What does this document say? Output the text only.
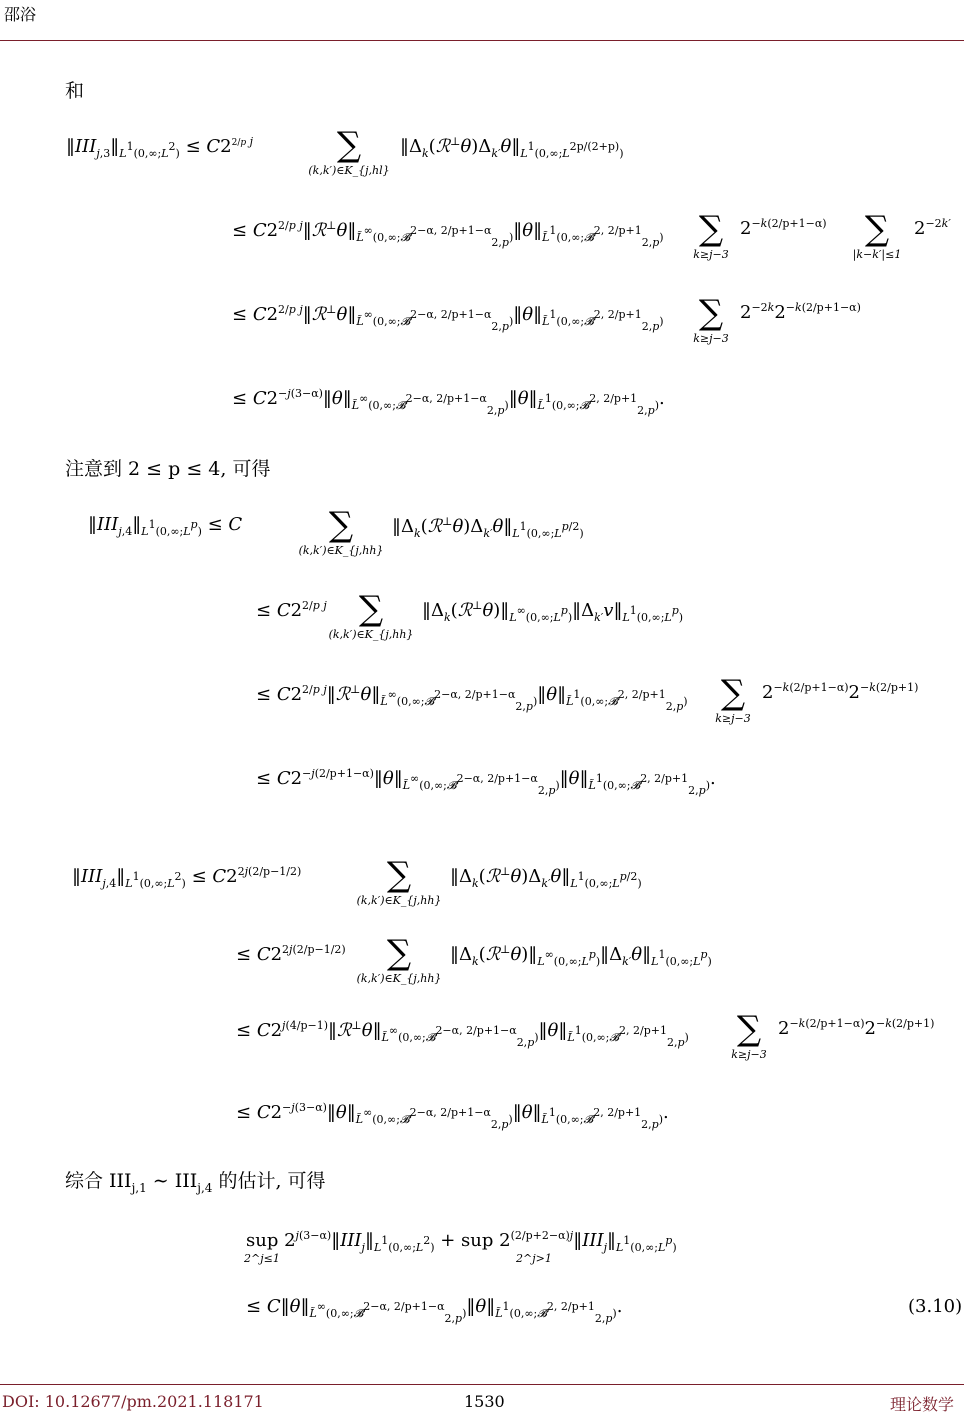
邵浴
和
$‖III_{j,3}‖_{L^1(0,\infty;L^2)} \le C2^{2/p j}$	∑
(k,k′)∈K_{j,hl}
$‖\Delta_k(ℛ^\perp\theta)\Delta_{k'}\theta‖_{L^1(0,\infty;L^{2p/(2+p)})}$
≤ $C2^{2/p j}‖ℛ^\perp\theta‖_{L̃^\infty(0,\infty;𝓑̇^{2-\alpha, 2/p+1-\alpha}_{2,p})}‖\theta‖_{L̃^1(0,\infty;𝓑̇^{2, 2/p+1}_{2,p})}$	∑
k≥j−3
$2^{-k(2/p+1-\alpha)}$	∑
|k−k′|≤1
$2^{-2k'}$
≤ $C2^{2/p j}‖ℛ^\perp\theta‖_{L̃^\infty(0,\infty;𝓑̇^{2-\alpha, 2/p+1-\alpha}_{2,p})}‖\theta‖_{L̃^1(0,\infty;𝓑̇^{2, 2/p+1}_{2,p})}$	∑
k≥j−3
$2^{-2k}2^{-k(2/p+1-\alpha)}$
≤ $C2^{-j(3-\alpha)}‖\theta‖_{L̃^\infty(0,\infty;𝓑̇^{2-\alpha, 2/p+1-\alpha}_{2,p})}‖\theta‖_{L̃^1(0,\infty;𝓑̇^{2, 2/p+1}_{2,p})}$.
注意到 2 ≤ p ≤ 4, 可得
$‖III_{j,4}‖_{L^1(0,\infty;L^p)} \le C$	∑
(k,k′)∈K_{j,hh}
$‖\Delta_k(ℛ^\perp\theta)\Delta_{k'}\theta‖_{L^1(0,\infty;L^{p/2})}$
≤ $C2^{2/p j}$ ∑
(k,k′)∈K_{j,hh}
$‖\Delta_k(ℛ^\perp\theta)‖_{L^\infty(0,\infty;L^p)}‖\Delta_{k'}v‖_{L^1(0,\infty;L^p)}$
≤ $C2^{2/p j}‖ℛ^\perp\theta‖_{L̃^\infty(0,\infty;𝓑̇^{2-\alpha, 2/p+1-\alpha}_{2,p})}‖\theta‖_{L̃^1(0,\infty;𝓑̇^{2, 2/p+1}_{2,p})}$ ∑
k≥j−3
$2^{-k(2/p+1-\alpha)}2^{-k(2/p+1)}$
≤ $C2^{-j(2/p+1-\alpha)}‖\theta‖_{L̃^\infty(0,\infty;𝓑̇^{2-\alpha, 2/p+1-\alpha}_{2,p})}‖\theta‖_{L̃^1(0,\infty;𝓑̇^{2, 2/p+1}_{2,p})}$.
$‖III_{j,4}‖_{L^1(0,\infty;L^2)} \le C2^{2j(2/p-1/2)}$	∑
(k,k′)∈K_{j,hh}
$‖\Delta_k(ℛ^\perp\theta)\Delta_{k'}\theta‖_{L^1(0,\infty;L^{p/2})}$
≤ $C2^{2j(2/p-1/2)}$	∑
(k,k′)∈K_{j,hh}
$‖\Delta_k(ℛ^\perp\theta)‖_{L^\infty(0,\infty;L^p)}‖\Delta_{k'}\theta‖_{L^1(0,\infty;L^p)}$
≤ $C2^{j(4/p-1)}‖ℛ^\perp\theta‖_{L̃^\infty(0,\infty;𝓑̇^{2-\alpha, 2/p+1-\alpha}_{2,p})}‖\theta‖_{L̃^1(0,\infty;𝓑̇^{2, 2/p+1}_{2,p})}$	∑
k≥j−3
$2^{-k(2/p+1-\alpha)}2^{-k(2/p+1)}$
≤ $C2^{-j(3-\alpha)}‖\theta‖_{L̃^\infty(0,\infty;𝓑̇^{2-\alpha, 2/p+1-\alpha}_{2,p})}‖\theta‖_{L̃^1(0,\infty;𝓑̇^{2, 2/p+1}_{2,p})}$.
综合 $III_{j,1}$ ∼ $III_{j,4}$ 的估计, 可得
sup $2^{j(3-\alpha)}‖III_j‖_{L^1(0,\infty;L^2)}$ + sup $2^{(2/p+2-\alpha)j}‖III_j‖_{L^1(0,\infty;L^p)}$
2^j≤1	2^j>1
≤ $C‖\theta‖_{L̃^\infty(0,\infty;𝓑̇^{2-\alpha, 2/p+1-\alpha}_{2,p})}‖\theta‖_{L̃^1(0,\infty;𝓑̇^{2, 2/p+1}_{2,p})}$.	(3.10)
DOI: 10.12677/pm.2021.118171	1530	理论数学
